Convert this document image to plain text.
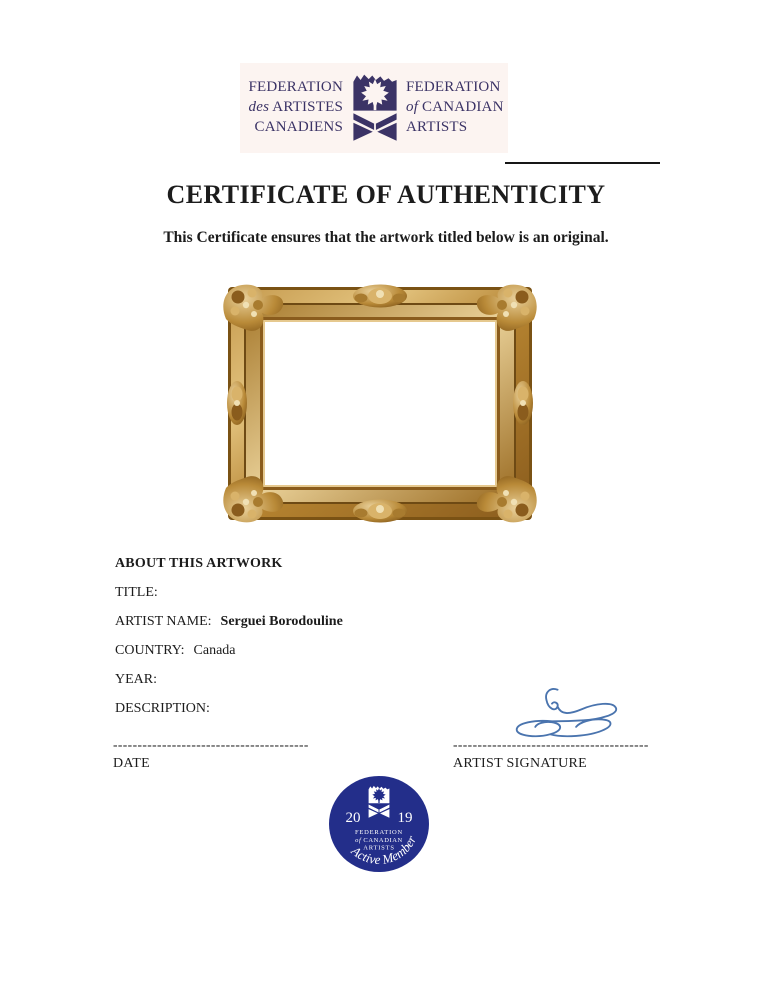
FEDERATION
des ARTISTES
CANADIENS
FEDERATION
of CANADIAN
ARTISTS
CERTIFICATE OF AUTHENTICITY
This Certificate ensures that the artwork titled below is an original.
ABOUT THIS ARTWORK
TITLE:
ARTIST NAME: Serguei Borodouline
COUNTRY: Canada
YEAR:
DESCRIPTION:
----------------------------------------
DATE
----------------------------------------
ARTIST SIGNATURE
20 19
FEDERATION
of CANADIAN
ARTISTS
Active Member
